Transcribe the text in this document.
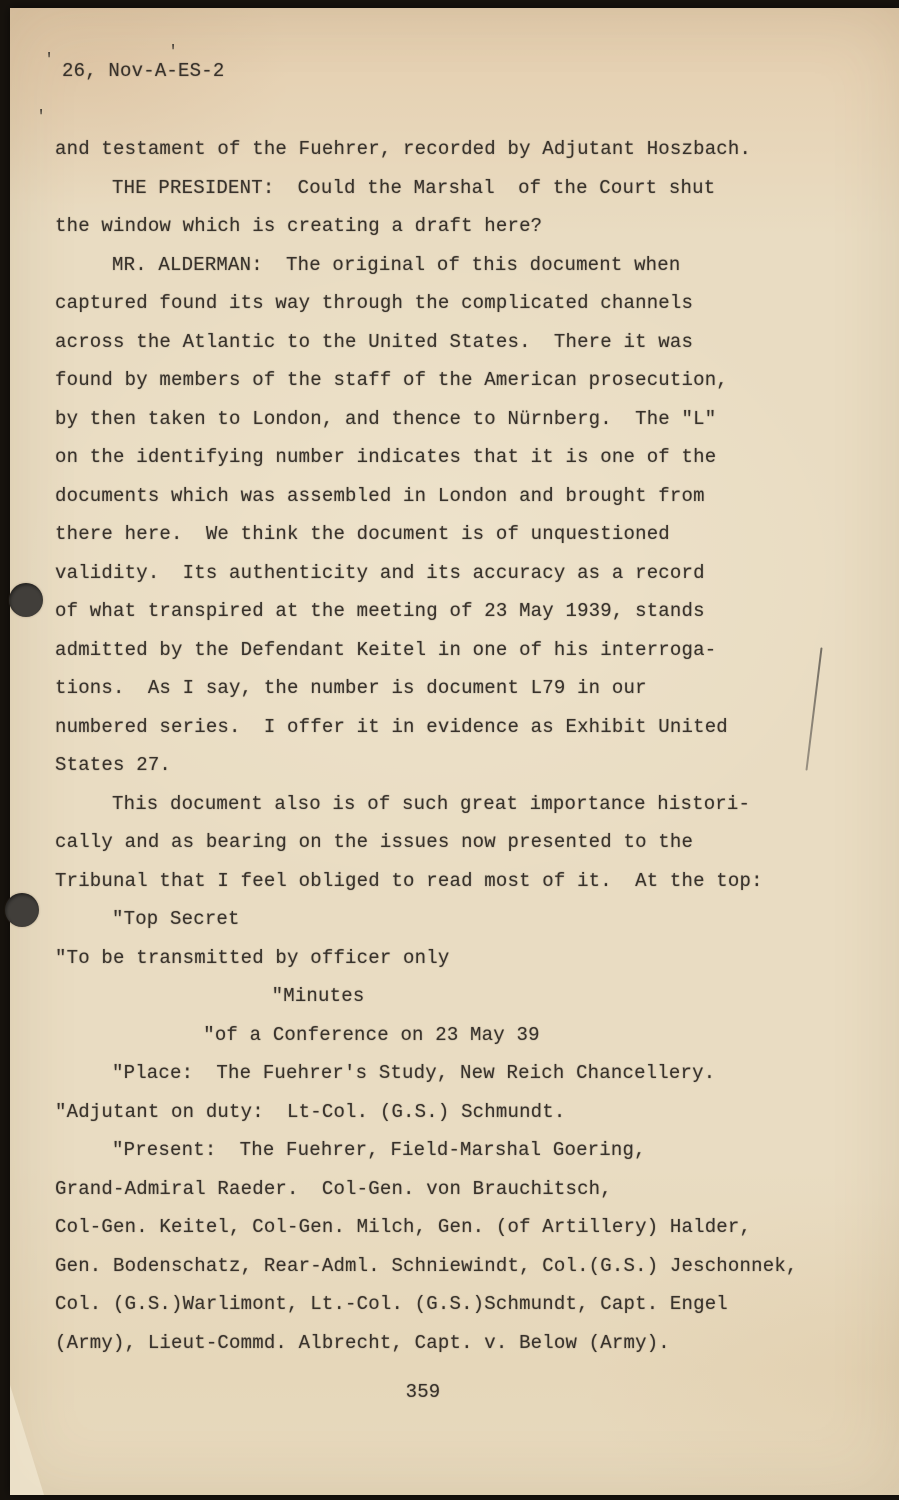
'	'
'
26, Nov-A-ES-2
and testament of the Fuehrer, recorded by Adjutant Hoszbach.
THE PRESIDENT:  Could the Marshal  of the Court shut
the window which is creating a draft here?
MR. ALDERMAN:  The original of this document when
captured found its way through the complicated channels
across the Atlantic to the United States.  There it was
found by members of the staff of the American prosecution,
by then taken to London, and thence to Nürnberg.  The "L"
on the identifying number indicates that it is one of the
documents which was assembled in London and brought from
there here.  We think the document is of unquestioned
validity.  Its authenticity and its accuracy as a record
of what transpired at the meeting of 23 May 1939, stands
admitted by the Defendant Keitel in one of his interroga-
tions.  As I say, the number is document L79 in our
numbered series.  I offer it in evidence as Exhibit United
States 27.
This document also is of such great importance histori-
cally and as bearing on the issues now presented to the
Tribunal that I feel obliged to read most of it.  At the top:
"Top Secret
"To be transmitted by officer only
"Minutes
"of a Conference on 23 May 39
"Place:  The Fuehrer's Study, New Reich Chancellery.
"Adjutant on duty:  Lt-Col. (G.S.) Schmundt.
"Present:  The Fuehrer, Field-Marshal Goering,
Grand-Admiral Raeder.  Col-Gen. von Brauchitsch,
Col-Gen. Keitel, Col-Gen. Milch, Gen. (of Artillery) Halder,
Gen. Bodenschatz, Rear-Adml. Schniewindt, Col.(G.S.) Jeschonnek,
Col. (G.S.)Warlimont, Lt.-Col. (G.S.)Schmundt, Capt. Engel
(Army), Lieut-Commd. Albrecht, Capt. v. Below (Army).
359
